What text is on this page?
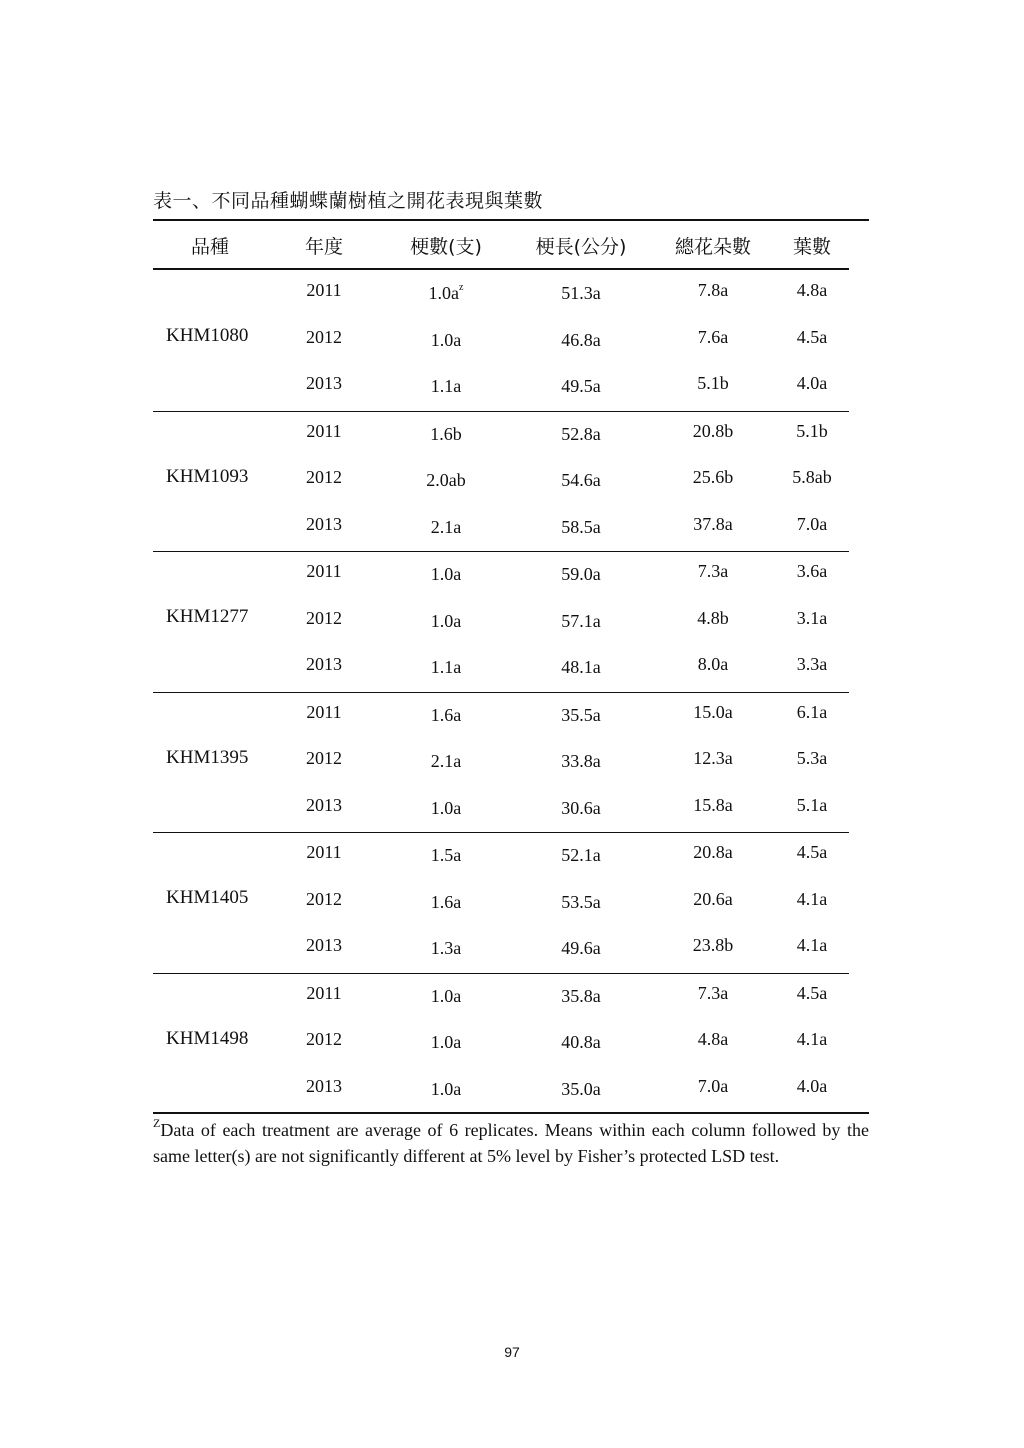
表一、不同品種蝴蝶蘭樹植之開花表現與葉數
品種	年度	梗數(支)	梗長(公分)	總花朵數 葉數
KHM1080
2011	$1.0a^z$	51.3a	7.8a	4.8a
2012	1.0a	46.8a	7.6a	4.5a
2013	1.1a	49.5a	5.1b	4.0a
KHM1093
2011	1.6b	52.8a	20.8b	5.1b
2012	2.0ab	54.6a	25.6b	5.8ab
2013	2.1a	58.5a	37.8a	7.0a
KHM1277
2011	1.0a	59.0a	7.3a	3.6a
2012	1.0a	57.1a	4.8b	3.1a
2013	1.1a	48.1a	8.0a	3.3a
KHM1395
2011	1.6a	35.5a	15.0a	6.1a
2012	2.1a	33.8a	12.3a	5.3a
2013	1.0a	30.6a	15.8a	5.1a
KHM1405
2011	1.5a	52.1a	20.8a	4.5a
2012	1.6a	53.5a	20.6a	4.1a
2013	1.3a	49.6a	23.8b	4.1a
KHM1498
2011	1.0a	35.8a	7.3a	4.5a
2012	1.0a	40.8a	4.8a	4.1a
2013	1.0a	35.0a	7.0a	4.0a
$^Z$Data of each treatment are average of 6 replicates. Means within each column followed by the same letter(s) are not significantly different at 5% level by Fisher’s protected LSD test.
97
